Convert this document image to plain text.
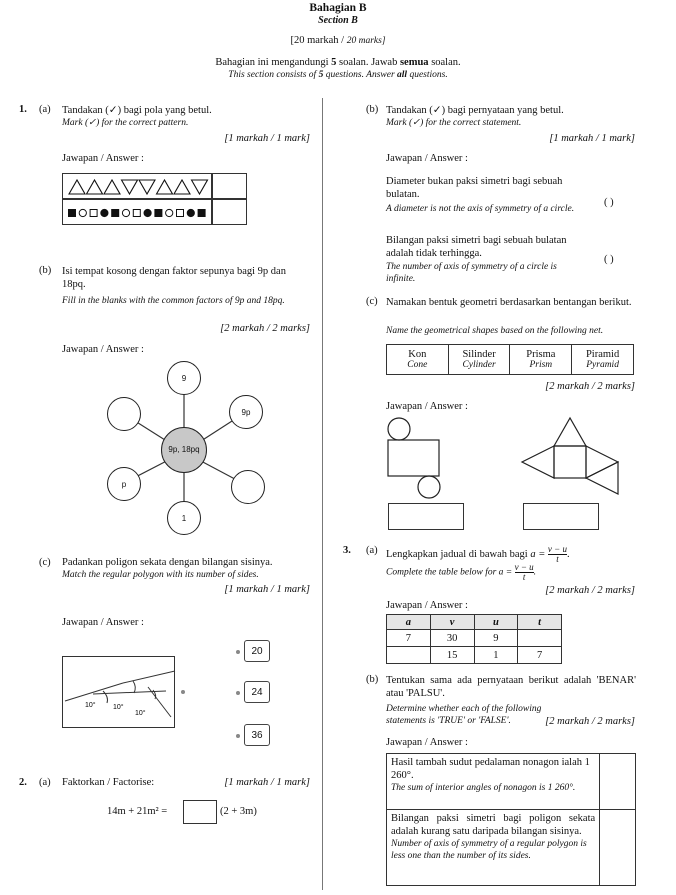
Bahagian B
Section B
[20 markah / 20 marks]
Bahagian ini mengandungi 5 soalan. Jawab semua soalan.
This section consists of 5 questions. Answer all questions.
1. (a) Tandakan (✓) bagi pola yang betul.
Mark (✓) for the correct pattern.
[1 markah / 1 mark]
Jawapan / Answer :
(b) Isi tempat kosong dengan faktor sepunya bagi 9p dan 18pq.
Fill in the blanks with the common factors of 9p and 18pq.
[2 markah / 2 marks]
Jawapan / Answer :
9
9p
1
p
9p, 18pq
(c) Padankan poligon sekata dengan bilangan sisinya.
Match the regular polygon with its number of sides.
[1 markah / 1 mark]
Jawapan / Answer :
10° 10°
10°
20
24
36
2. (a) Faktorkan / Factorise:	[1 markah / 1 mark]
14m + 21m² =	(2 + 3m)
(b) Tandakan (✓) bagi pernyataan yang betul.
Mark (✓) for the correct statement.
[1 markah / 1 mark]
Jawapan / Answer :
Diameter bukan paksi simetri bagi sebuah bulatan.
A diameter is not the axis of symmetry of a circle.
( )
Bilangan paksi simetri bagi sebuah bulatan adalah tidak terhingga.
The number of axis of symmetry of a circle is infinite.
( )
(c) Namakan bentuk geometri berdasarkan bentangan berikut.
Name the geometrical shapes based on the following net.
Kon
Cone

Silinder
Cylinder

Prisma
Prism

Piramid
Pyramid
[2 markah / 2 marks]
Jawapan / Answer :
3. (a) Lengkapkan jadual di bawah bagi $a = \frac{v - u}{t}$ .
Complete the table below for $a = \frac{v - u}{t}$ .
[2 markah / 2 marks]
Jawapan / Answer :
a	v	u	t
7	30	9	
	15	1	7
(b) Tentukan sama ada pernyataan berikut adalah 'BENAR' atau 'PALSU'.
Determine whether each of the following statements is 'TRUE' or 'FALSE'.	[2 markah / 2 marks]
Jawapan / Answer :
Hasil tambah sudut pedalaman nonagon ialah 1 260°.
The sum of interior angles of nonagon is 1 260°.	

Bilangan paksi simetri bagi poligon sekata adalah kurang satu daripada bilangan sisinya.
Number of axis of symmetry of a regular polygon is less one than the number of its sides.	
